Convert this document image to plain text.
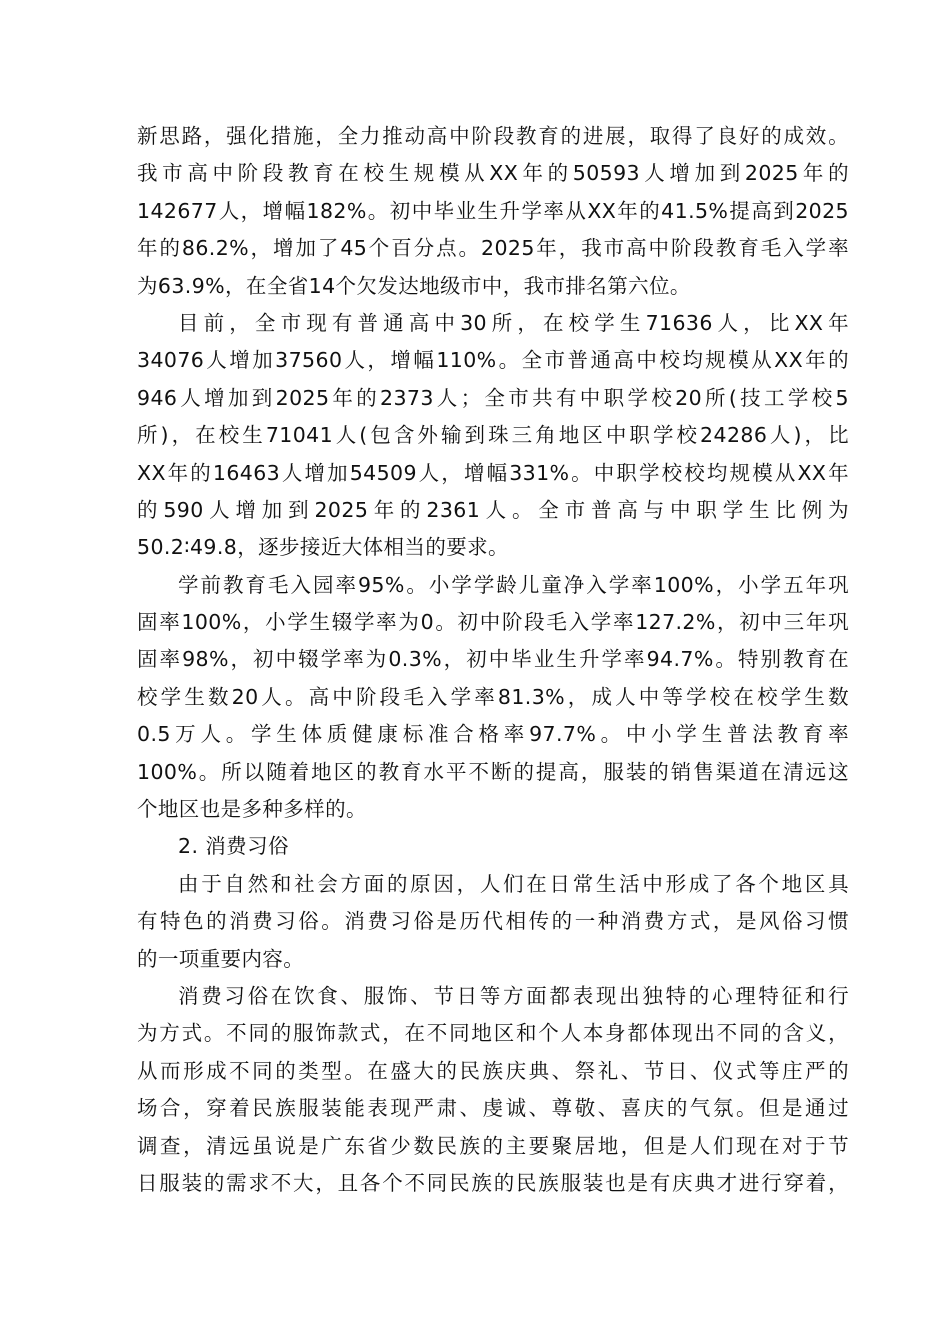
新思路，强化措施，全力推动高中阶段教育的进展，取得了良好的成效。
我市高中阶段教育在校生规模从XX年的50593人增加到2025年的
142677人，增幅182%。初中毕业生升学率从XX年的41.5%提高到2025
年的86.2%，增加了45个百分点。2025年，我市高中阶段教育毛入学率
为63.9%，在全省14个欠发达地级市中，我市排名第六位。
目前，全市现有普通高中30所，在校学生71636人，比XX年
34076人增加37560人，增幅110%。全市普通高中校均规模从XX年的
946人增加到2025年的2373人；全市共有中职学校20所(技工学校5
所)，在校生71041人(包含外输到珠三角地区中职学校24286人)，比
XX年的16463人增加54509人，增幅331%。中职学校校均规模从XX年
的590人增加到2025年的2361人。全市普高与中职学生比例为
50.2∶49.8，逐步接近大体相当的要求。
学前教育毛入园率95%。小学学龄儿童净入学率100%，小学五年巩
固率100%，小学生辍学率为0。初中阶段毛入学率127.2%，初中三年巩
固率98%，初中辍学率为0.3%，初中毕业生升学率94.7%。特别教育在
校学生数20人。高中阶段毛入学率81.3%，成人中等学校在校学生数
0.5万人。学生体质健康标准合格率97.7%。中小学生普法教育率
100%。所以随着地区的教育水平不断的提高，服装的销售渠道在清远这
个地区也是多种多样的。
2. 消费习俗
由于自然和社会方面的原因，人们在日常生活中形成了各个地区具
有特色的消费习俗。消费习俗是历代相传的一种消费方式，是风俗习惯
的一项重要内容。
消费习俗在饮食、服饰、节日等方面都表现出独特的心理特征和行
为方式。不同的服饰款式，在不同地区和个人本身都体现出不同的含义，
从而形成不同的类型。在盛大的民族庆典、祭礼、节日、仪式等庄严的
场合，穿着民族服装能表现严肃、虔诚、尊敬、喜庆的气氛。但是通过
调查，清远虽说是广东省少数民族的主要聚居地，但是人们现在对于节
日服装的需求不大，且各个不同民族的民族服装也是有庆典才进行穿着，
